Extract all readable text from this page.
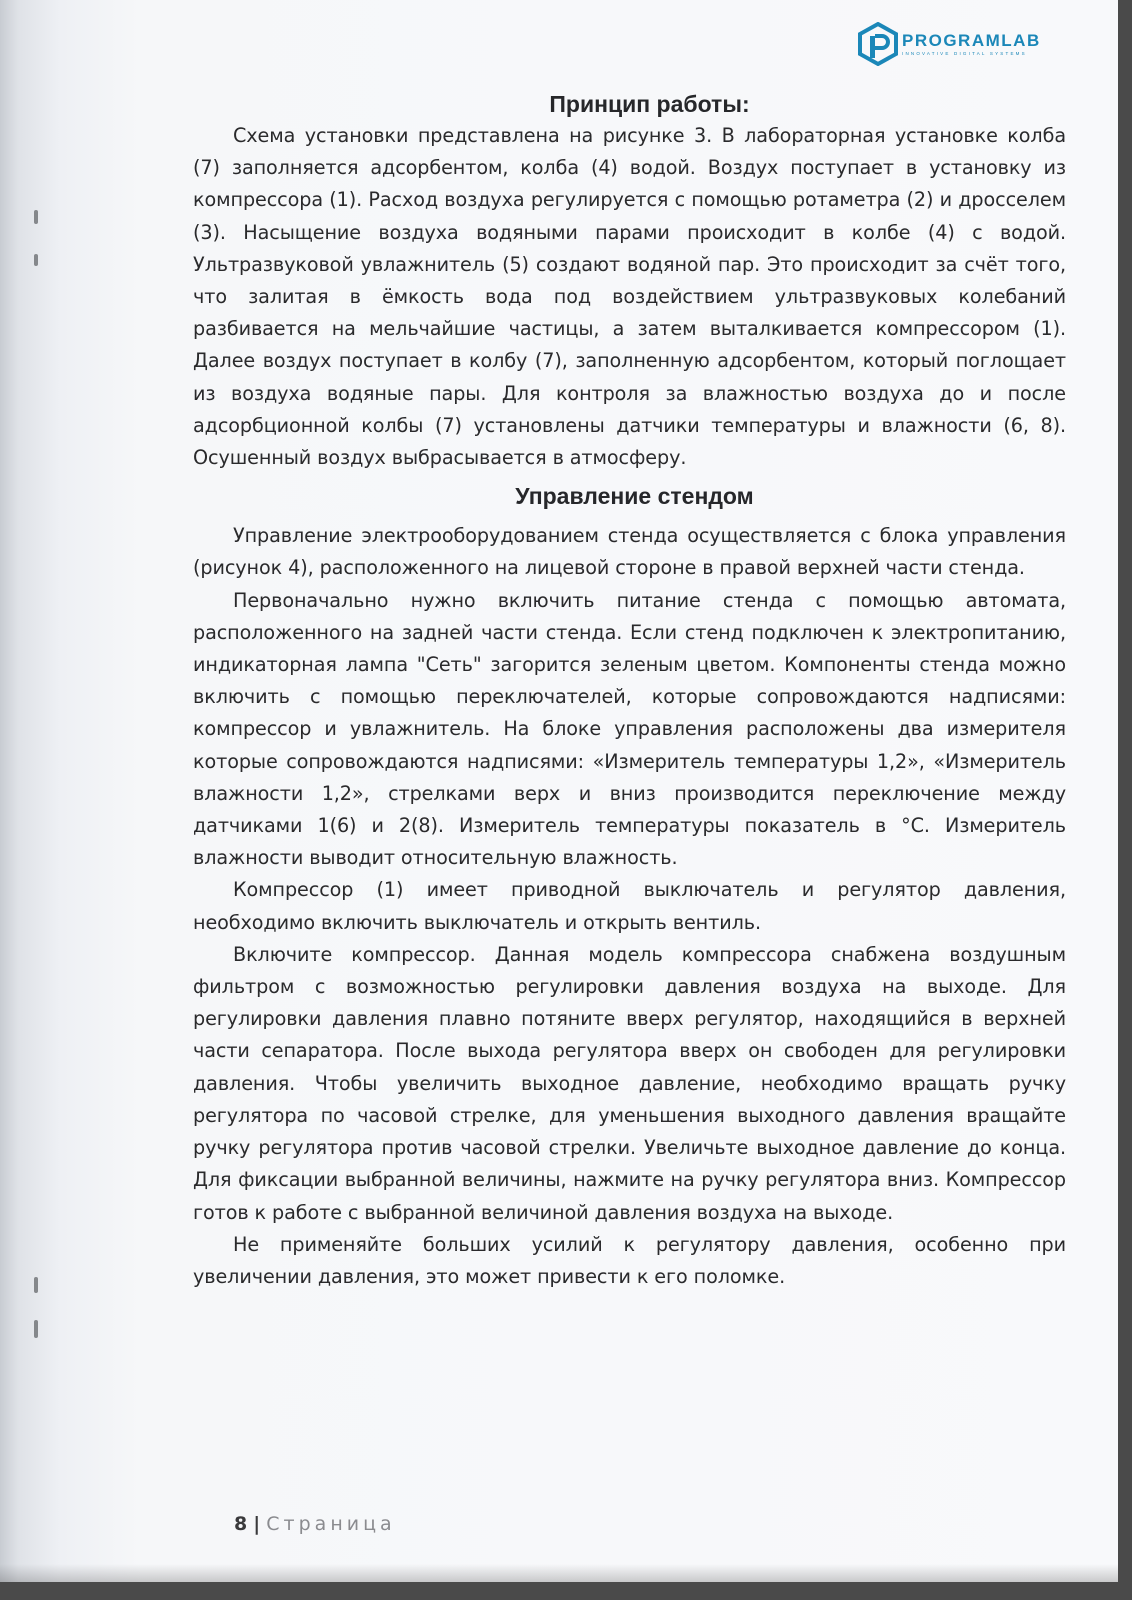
PROGRAMLAB
INNOVATIVE DIGITAL SYSTEMS
Принцип работы:

Схема установки представлена на рисунке 3. В лабораторная установке колба (7) заполняется адсорбентом, колба (4) водой. Воздух поступает в установку из компрессора (1). Расход воздуха регулируется с помощью ротаметра (2) и дросселем (3). Насыщение воздуха водяными парами происходит в колбе (4) с водой. Ультразвуковой увлажнитель (5) создают водяной пар. Это происходит за счёт того, что залитая в ёмкость вода под воздействием ультразвуковых колебаний разбивается на мельчайшие частицы, а затем выталкивается компрессором (1). Далее воздух поступает в колбу (7), заполненную адсорбентом, который поглощает из воздуха водяные пары. Для контроля за влажностью воздуха до и после адсорбционной колбы (7) установлены датчики температуры и влажности (6, 8). Осушенный воздух выбрасывается в атмосферу.

Управление стендом

Управление электрооборудованием стенда осуществляется с блока управления (рисунок 4), расположенного на лицевой стороне в правой верхней части стенда.

Первоначально нужно включить питание стенда с помощью автомата, расположенного на задней части стенда. Если стенд подключен к электропитанию, индикаторная лампа "Сеть" загорится зеленым цветом. Компоненты стенда можно включить с помощью переключателей, которые сопровождаются надписями: компрессор и увлажнитель. На блоке управления расположены два измерителя которые сопровождаются надписями: «Измеритель температуры 1,2», «Измеритель влажности 1,2», стрелками верх и вниз производится переключение между датчиками 1(6) и 2(8). Измеритель температуры показатель в °С. Измеритель влажности выводит относительную влажность.

Компрессор (1) имеет приводной выключатель и регулятор давления, необходимо включить выключатель и открыть вентиль.

Включите компрессор. Данная модель компрессора снабжена воздушным фильтром с возможностью регулировки давления воздуха на выходе. Для регулировки давления плавно потяните вверх регулятор, находящийся в верхней части сепаратора. После выхода регулятора вверх он свободен для регулировки давления. Чтобы увеличить выходное давление, необходимо вращать ручку регулятора по часовой стрелке, для уменьшения выходного давления вращайте ручку регулятора против часовой стрелки. Увеличьте выходное давление до конца. Для фиксации выбранной величины, нажмите на ручку регулятора вниз. Компрессор готов к работе с выбранной величиной давления воздуха на выходе.

Не применяйте больших усилий к регулятору давления, особенно при увеличении давления, это может привести к его поломке.

8 | Страница
